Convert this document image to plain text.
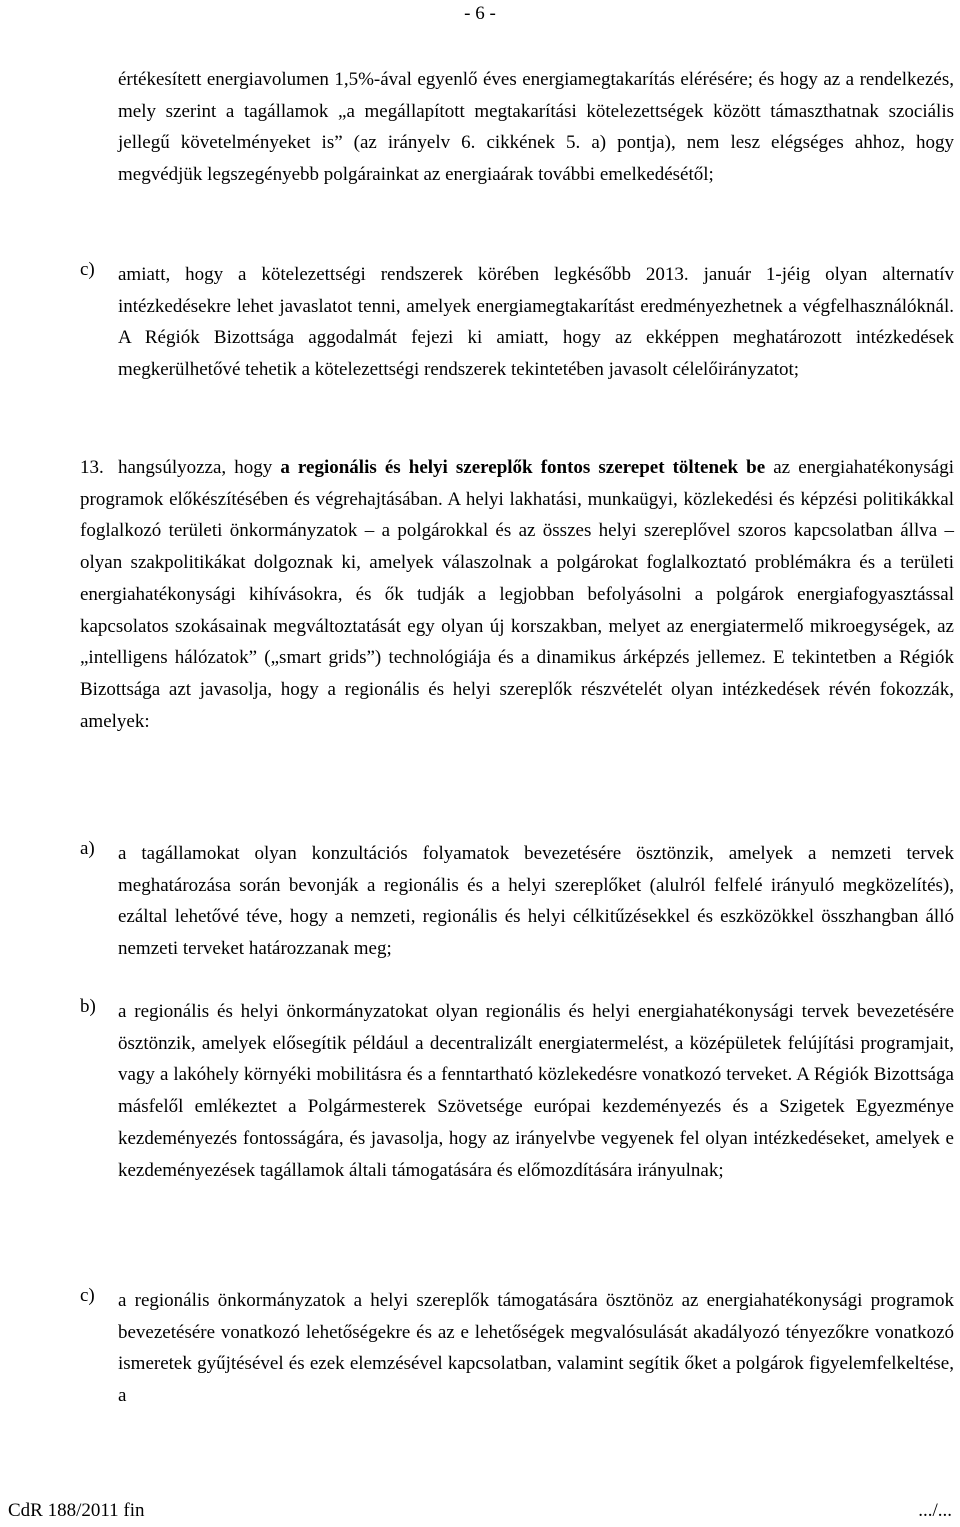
- 6 -

értékesített energiavolumen 1,5%-ával egyenlő éves energiamegtakarítás elérésére; és hogy az a rendelkezés, mely szerint a tagállamok „a megállapított megtakarítási kötelezettségek között támaszthatnak szociális jellegű követelményeket is” (az irányelv 6. cikkének 5. a) pontja), nem lesz elégséges ahhoz, hogy megvédjük legszegényebb polgárainkat az energiaárak további emelkedésétől;

c) amiatt, hogy a kötelezettségi rendszerek körében legkésőbb 2013. január 1-jéig olyan alternatív intézkedésekre lehet javaslatot tenni, amelyek energiamegtakarítást eredményezhetnek a végfelhasználóknál. A Régiók Bizottsága aggodalmát fejezi ki amiatt, hogy az ekképpen meghatározott intézkedések megkerülhetővé tehetik a kötelezettségi rendszerek tekintetében javasolt célelőirányzatot;

13. hangsúlyozza, hogy a regionális és helyi szereplők fontos szerepet töltenek be az energiahatékonysági programok előkészítésében és végrehajtásában. A helyi lakhatási, munkaügyi, közlekedési és képzési politikákkal foglalkozó területi önkormányzatok – a polgárokkal és az összes helyi szereplővel szoros kapcsolatban állva – olyan szakpolitikákat dolgoznak ki, amelyek válaszolnak a polgárokat foglalkoztató problémákra és a területi energiahatékonysági kihívásokra, és ők tudják a legjobban befolyásolni a polgárok energiafogyasztással kapcsolatos szokásainak megváltoztatását egy olyan új korszakban, melyet az energiatermelő mikroegységek, az „intelligens hálózatok” („smart grids”) technológiája és a dinamikus árképzés jellemez. E tekintetben a Régiók Bizottsága azt javasolja, hogy a regionális és helyi szereplők részvételét olyan intézkedések révén fokozzák, amelyek:

a) a tagállamokat olyan konzultációs folyamatok bevezetésére ösztönzik, amelyek a nemzeti tervek meghatározása során bevonják a regionális és a helyi szereplőket (alulról felfelé irányuló megközelítés), ezáltal lehetővé téve, hogy a nemzeti, regionális és helyi célkitűzésekkel és eszközökkel összhangban álló nemzeti terveket határozzanak meg;

b) a regionális és helyi önkormányzatokat olyan regionális és helyi energiahatékonysági tervek bevezetésére ösztönzik, amelyek elősegítik például a decentralizált energiatermelést, a középületek felújítási programjait, vagy a lakóhely környéki mobilitásra és a fenntartható közlekedésre vonatkozó terveket. A Régiók Bizottsága másfelől emlékeztet a Polgármesterek Szövetsége európai kezdeményezés és a Szigetek Egyezménye kezdeményezés fontosságára, és javasolja, hogy az irányelvbe vegyenek fel olyan intézkedéseket, amelyek e kezdeményezések tagállamok általi támogatására és előmozdítására irányulnak;

c) a regionális önkormányzatok a helyi szereplők támogatására ösztönöz az energiahatékonysági programok bevezetésére vonatkozó lehetőségekre és az e lehetőségek megvalósulását akadályozó tényezőkre vonatkozó ismeretek gyűjtésével és ezek elemzésével kapcsolatban, valamint segítik őket a polgárok figyelemfelkeltése, a

CdR 188/2011 fin	.../...
